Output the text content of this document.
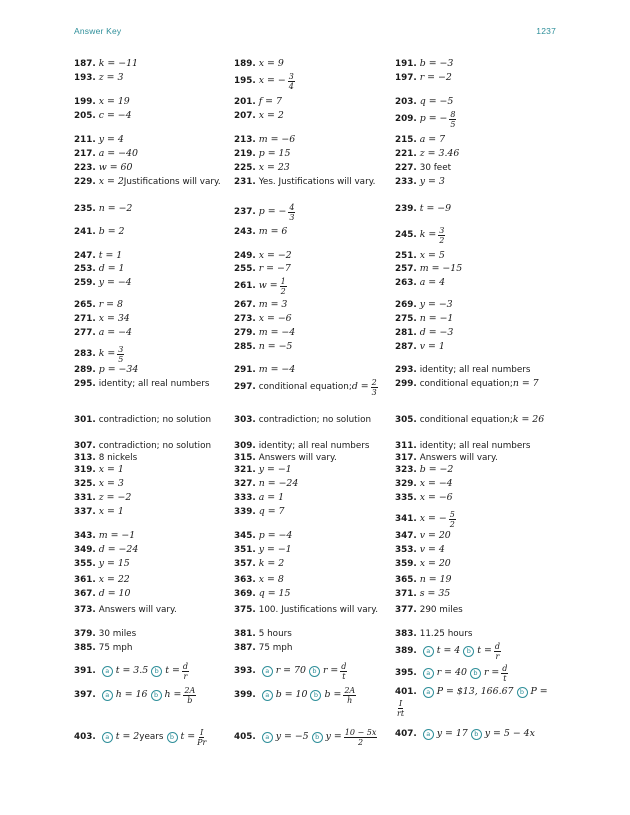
Answer Key	1237
187. k = −11
193. z = 3
199. x = 19
205. c = −4
211. y = 4
217. a = −40
223. w = 60
229. x = 2 Justifications will vary.
235. n = −2
241. b = 2
247. t = 1
253. d = 1
259. y = −4
265. r = 8
271. x = 34
277. a = −4
283. $k = \frac{3}{5}$
289. p = −34
295. identity; all real numbers
301. contradiction; no solution
307. contradiction; no solution
313. 8 nickels
319. x = 1
325. x = 3
331. z = −2
337. x = 1
343. m = −1
349. d = −24
355. y = 15
361. x = 22
367. d = 10
373. Answers will vary.
379. 30 miles
385. 75 mph
391.	a t = 3.5 b $t = \frac{d}{r}$
397.	a h = 16 b $h = \frac{2A}{b}$
403.	a t = 2 years b $t = \frac{I}{Pr}$
189. x = 9
195. x = − $\frac{3}{4}$
201. f = 7
207. x = 2
213. m = −6
219. p = 15
225. x = 23
231. Yes. Justifications will vary.
237. p = − $\frac{4}{3}$
243. m = 6
249. x = −2
255. r = −7
261. $w = \frac{1}{2}$
267. m = 3
273. x = −6
279. m = −4
285. n = −5
291. m = −4
297. conditional equation; $d = \frac{2}{3}$
303. contradiction; no solution
309. identity; all real numbers
315. Answers will vary.
321. y = −1
327. n = −24
333. a = 1
339. q = 7
345. p = −4
351. y = −1
357. k = 2
363. x = 8
369. q = 15
375. 100. Justifications will vary.
381. 5 hours
387. 75 mph
393.	a r = 70 b $r = \frac{d}{t}$
399.	a b = 10 b $b = \frac{2A}{h}$
405.	a y = −5 b $y = \frac{10 - 5x}{2}$
191. b = −3
197. r = −2
203. q = −5
209. p = − $\frac{8}{5}$
215. a = 7
221. z = 3.46
227. 30 feet
233. y = 3
239. t = −9
245. $k = \frac{3}{2}$
251. x = 5
257. m = −15
263. a = 4
269. y = −3
275. n = −1
281. d = −3
287. v = 1
293. identity; all real numbers
299. conditional equation; n = 7
305. conditional equation; k = 26
311. identity; all real numbers
317. Answers will vary.
323. b = −2
329. x = −4
335. x = −6
341. x = − $\frac{5}{2}$
347. v = 20
353. v = 4
359. x = 20
365. n = 19
371. s = 35
377. 290 miles
383. 11.25 hours
389.	a t = 4 b $t = \frac{d}{r}$
395.	a r = 40 b $r = \frac{d}{t}$
401.	a P = $13, 166.67 b P =
$\frac{I}{rt}$
407.	a y = 17 b y = 5 − 4x
